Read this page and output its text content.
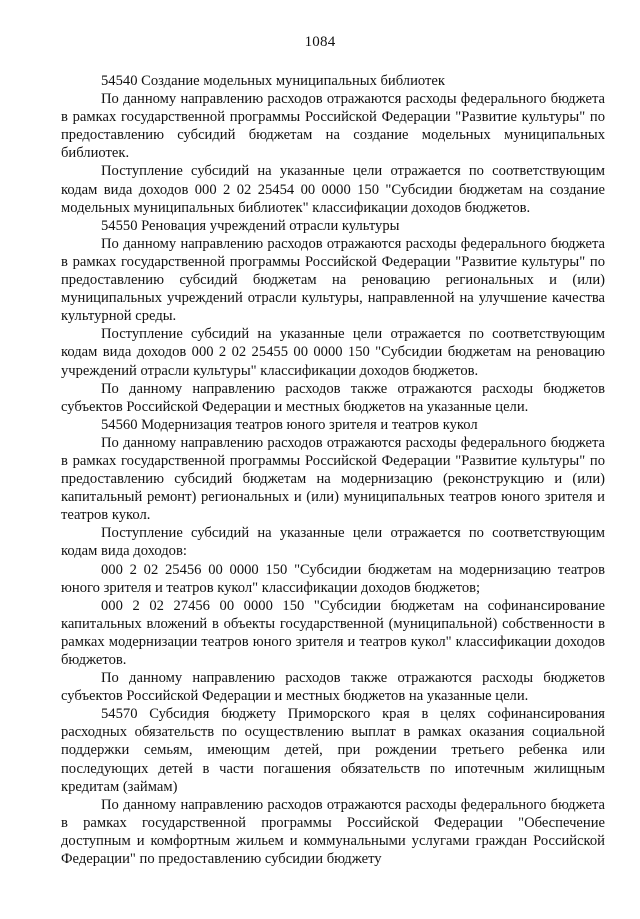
1084

54540 Создание модельных муниципальных библиотек

По данному направлению расходов отражаются расходы федерального бюджета в рамках государственной программы Российской Федерации "Развитие культуры" по предоставлению субсидий бюджетам на создание модельных муниципальных библиотек.

Поступление субсидий на указанные цели отражается по соответствующим кодам вида доходов 000 2 02 25454 00 0000 150 "Субсидии бюджетам на создание модельных муниципальных библиотек" классификации доходов бюджетов.

54550 Реновация учреждений отрасли культуры

По данному направлению расходов отражаются расходы федерального бюджета в рамках государственной программы Российской Федерации "Развитие культуры" по предоставлению субсидий бюджетам на реновацию региональных и (или) муниципальных учреждений отрасли культуры, направленной на улучшение качества культурной среды.

Поступление субсидий на указанные цели отражается по соответствующим кодам вида доходов 000 2 02 25455 00 0000 150 "Субсидии бюджетам на реновацию учреждений отрасли культуры" классификации доходов бюджетов.

По данному направлению расходов также отражаются расходы бюджетов субъектов Российской Федерации и местных бюджетов на указанные цели.

54560 Модернизация театров юного зрителя и театров кукол

По данному направлению расходов отражаются расходы федерального бюджета в рамках государственной программы Российской Федерации "Развитие культуры" по предоставлению субсидий бюджетам на модернизацию (реконструкцию и (или) капитальный ремонт) региональных и (или) муниципальных театров юного зрителя и театров кукол.

Поступление субсидий на указанные цели отражается по соответствующим кодам вида доходов:

000 2 02 25456 00 0000 150 "Субсидии бюджетам на модернизацию театров юного зрителя и театров кукол" классификации доходов бюджетов;

000 2 02 27456 00 0000 150 "Субсидии бюджетам на софинансирование капитальных вложений в объекты государственной (муниципальной) собственности в рамках модернизации театров юного зрителя и театров кукол" классификации доходов бюджетов.

По данному направлению расходов также отражаются расходы бюджетов субъектов Российской Федерации и местных бюджетов на указанные цели.

54570 Субсидия бюджету Приморского края в целях софинансирования расходных обязательств по осуществлению выплат в рамках оказания социальной поддержки семьям, имеющим детей, при рождении третьего ребенка или последующих детей в части погашения обязательств по ипотечным жилищным кредитам (займам)

По данному направлению расходов отражаются расходы федерального бюджета в рамках государственной программы Российской Федерации "Обеспечение доступным и комфортным жильем и коммунальными услугами граждан Российской Федерации" по предоставлению субсидии бюджету
